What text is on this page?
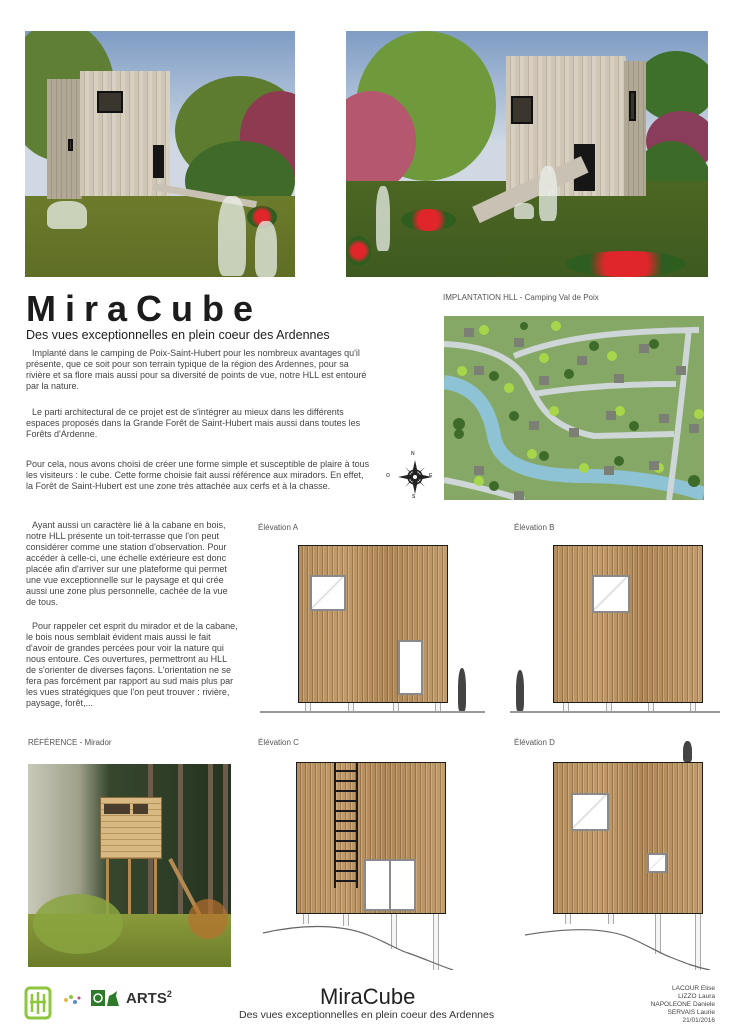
MiraCube
Des vues exceptionnelles en plein coeur des Ardennes
Implanté dans le camping de Poix-Saint-Hubert pour les nombreux avantages qu'il présente, que ce soit pour son terrain typique de la région des Ardennes, pour sa rivière et sa flore mais aussi pour sa diversité de points de vue, notre HLL est entouré par la nature.
Le parti architectural de ce projet est de s'intégrer au mieux dans les différents espaces proposés dans la Grande Forêt de Saint-Hubert mais aussi dans toutes les Forêts d'Ardenne.
Pour cela, nous avons choisi de créer une forme simple et susceptible de plaire à tous les visiteurs : le cube. Cette forme choisie fait aussi référence aux miradors. En effet, la Forêt de Saint-Hubert est une zone très attachée aux cerfs et à la chasse.
IMPLANTATION HLL - Camping Val de Poix
N
S
O	E
Ayant aussi un caractère lié à la cabane en bois, notre HLL présente un toit-terrasse que l'on peut considérer comme une station d'observation. Pour accéder à celle-ci, une échelle extérieure est donc placée afin d'arriver sur une plateforme qui permet une vue exceptionnelle sur le paysage et qui crée aussi une zone plus personnelle, cachée de la vue de tous.
Pour rappeler cet esprit du mirador et de la cabane, le bois nous semblait évident mais aussi le fait d'avoir de grandes percées pour voir la nature qui nous entoure. Ces ouvertures, permettront au HLL de s'orienter de diverses façons. L'orientation ne se fera pas forcément par rapport au sud mais plus par les vues stratégiques que l'on peut trouver : rivière, paysage, forêt,...
Élévation A	Élévation B
RÉFÉRENCE - Mirador	Élévation C	Élévation D
ARTS$^2$	MiraCube
Des vues exceptionnelles en plein coeur des Ardennes
LACOUR Elise
LIZZO Laura
NAPOLEONE Daniele
SERVAIS Laurie
21/01/2016
